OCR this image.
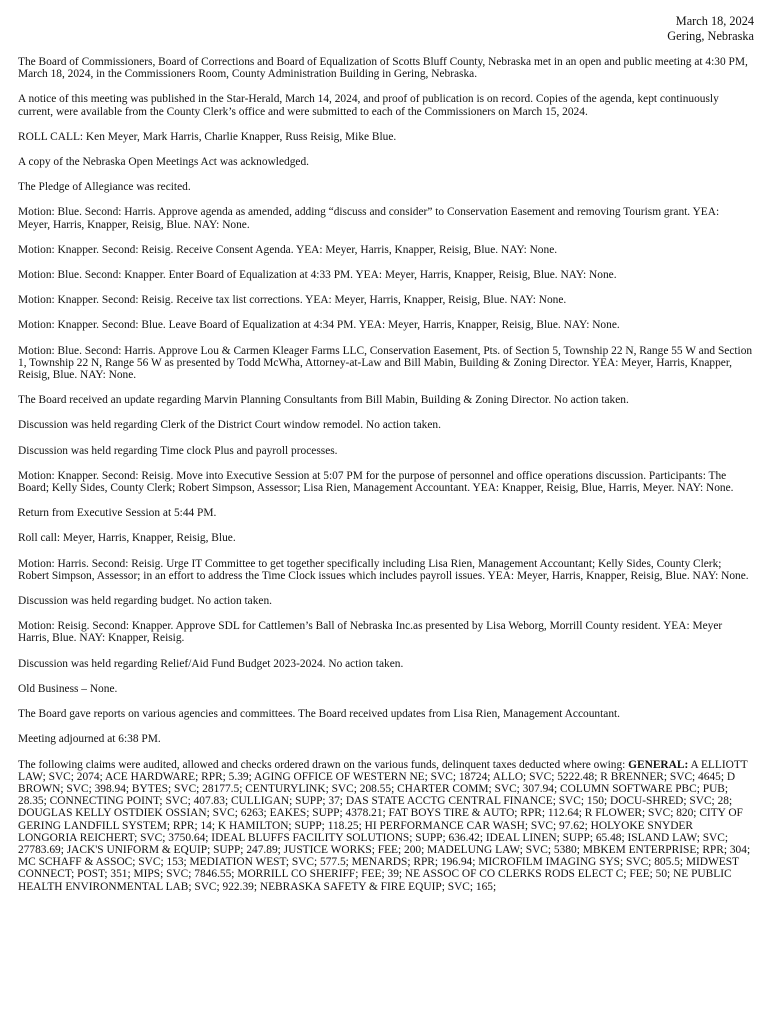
March 18, 2024
Gering, Nebraska

The Board of Commissioners, Board of Corrections and Board of Equalization of Scotts Bluff County, Nebraska met in an open and public meeting at 4:30 PM, March 18, 2024, in the Commissioners Room, County Administration Building in Gering, Nebraska.

A notice of this meeting was published in the Star-Herald, March 14, 2024, and proof of publication is on record. Copies of the agenda, kept continuously current, were available from the County Clerk’s office and were submitted to each of the Commissioners on March 15, 2024.

ROLL CALL: Ken Meyer, Mark Harris, Charlie Knapper, Russ Reisig, Mike Blue.

A copy of the Nebraska Open Meetings Act was acknowledged.

The Pledge of Allegiance was recited.

Motion: Blue. Second: Harris. Approve agenda as amended, adding “discuss and consider” to Conservation Easement and removing Tourism grant. YEA: Meyer, Harris, Knapper, Reisig, Blue. NAY: None.

Motion: Knapper. Second: Reisig. Receive Consent Agenda. YEA: Meyer, Harris, Knapper, Reisig, Blue. NAY: None.

Motion: Blue. Second: Knapper. Enter Board of Equalization at 4:33 PM. YEA: Meyer, Harris, Knapper, Reisig, Blue. NAY: None.

Motion: Knapper. Second: Reisig. Receive tax list corrections. YEA: Meyer, Harris, Knapper, Reisig, Blue. NAY: None.

Motion: Knapper. Second: Blue. Leave Board of Equalization at 4:34 PM. YEA: Meyer, Harris, Knapper, Reisig, Blue. NAY: None.

Motion: Blue. Second: Harris. Approve Lou & Carmen Kleager Farms LLC, Conservation Easement, Pts. of Section 5, Township 22 N, Range 55 W and Section 1, Township 22 N, Range 56 W as presented by Todd McWha, Attorney-at-Law and Bill Mabin, Building & Zoning Director. YEA: Meyer, Harris, Knapper, Reisig, Blue. NAY: None.

The Board received an update regarding Marvin Planning Consultants from Bill Mabin, Building & Zoning Director. No action taken.

Discussion was held regarding Clerk of the District Court window remodel. No action taken.

Discussion was held regarding Time clock Plus and payroll processes.

Motion: Knapper. Second: Reisig. Move into Executive Session at 5:07 PM for the purpose of personnel and office operations discussion. Participants: The Board; Kelly Sides, County Clerk; Robert Simpson, Assessor; Lisa Rien, Management Accountant. YEA: Knapper, Reisig, Blue, Harris, Meyer. NAY: None.

Return from Executive Session at 5:44 PM.

Roll call: Meyer, Harris, Knapper, Reisig, Blue.

Motion: Harris. Second: Reisig. Urge IT Committee to get together specifically including Lisa Rien, Management Accountant; Kelly Sides, County Clerk; Robert Simpson, Assessor; in an effort to address the Time Clock issues which includes payroll issues. YEA: Meyer, Harris, Knapper, Reisig, Blue. NAY: None.

Discussion was held regarding budget. No action taken.

Motion: Reisig. Second: Knapper. Approve SDL for Cattlemen’s Ball of Nebraska Inc.as presented by Lisa Weborg, Morrill County resident. YEA: Meyer Harris, Blue. NAY: Knapper, Reisig.

Discussion was held regarding Relief/Aid Fund Budget 2023-2024. No action taken.

Old Business – None.

The Board gave reports on various agencies and committees. The Board received updates from Lisa Rien, Management Accountant.

Meeting adjourned at 6:38 PM.

The following claims were audited, allowed and checks ordered drawn on the various funds, delinquent taxes deducted where owing: GENERAL: A ELLIOTT LAW; SVC; 2074; ACE HARDWARE; RPR; 5.39; AGING OFFICE OF WESTERN NE; SVC; 18724; ALLO; SVC; 5222.48; R BRENNER; SVC; 4645; D BROWN; SVC; 398.94; BYTES; SVC; 28177.5; CENTURYLINK; SVC; 208.55; CHARTER COMM; SVC; 307.94; COLUMN SOFTWARE PBC; PUB; 28.35; CONNECTING POINT; SVC; 407.83; CULLIGAN; SUPP; 37; DAS STATE ACCTG CENTRAL FINANCE; SVC; 150; DOCU-SHRED; SVC; 28; DOUGLAS KELLY OSTDIEK OSSIAN; SVC; 6263; EAKES; SUPP; 4378.21; FAT BOYS TIRE & AUTO; RPR; 112.64; R FLOWER; SVC; 820; CITY OF GERING LANDFILL SYSTEM; RPR; 14; K HAMILTON; SUPP; 118.25; HI PERFORMANCE CAR WASH; SVC; 97.62; HOLYOKE SNYDER LONGORIA REICHERT; SVC; 3750.64; IDEAL BLUFFS FACILITY SOLUTIONS; SUPP; 636.42; IDEAL LINEN; SUPP; 65.48; ISLAND LAW; SVC; 27783.69; JACK'S UNIFORM & EQUIP; SUPP; 247.89; JUSTICE WORKS; FEE; 200; MADELUNG LAW; SVC; 5380; MBKEM ENTERPRISE; RPR; 304; MC SCHAFF & ASSOC; SVC; 153; MEDIATION WEST; SVC; 577.5; MENARDS; RPR; 196.94; MICROFILM IMAGING SYS; SVC; 805.5; MIDWEST CONNECT; POST; 351; MIPS; SVC; 7846.55; MORRILL CO SHERIFF; FEE; 39; NE ASSOC OF CO CLERKS RODS ELECT C; FEE; 50; NE PUBLIC HEALTH ENVIRONMENTAL LAB; SVC; 922.39; NEBRASKA SAFETY & FIRE EQUIP; SVC; 165;
